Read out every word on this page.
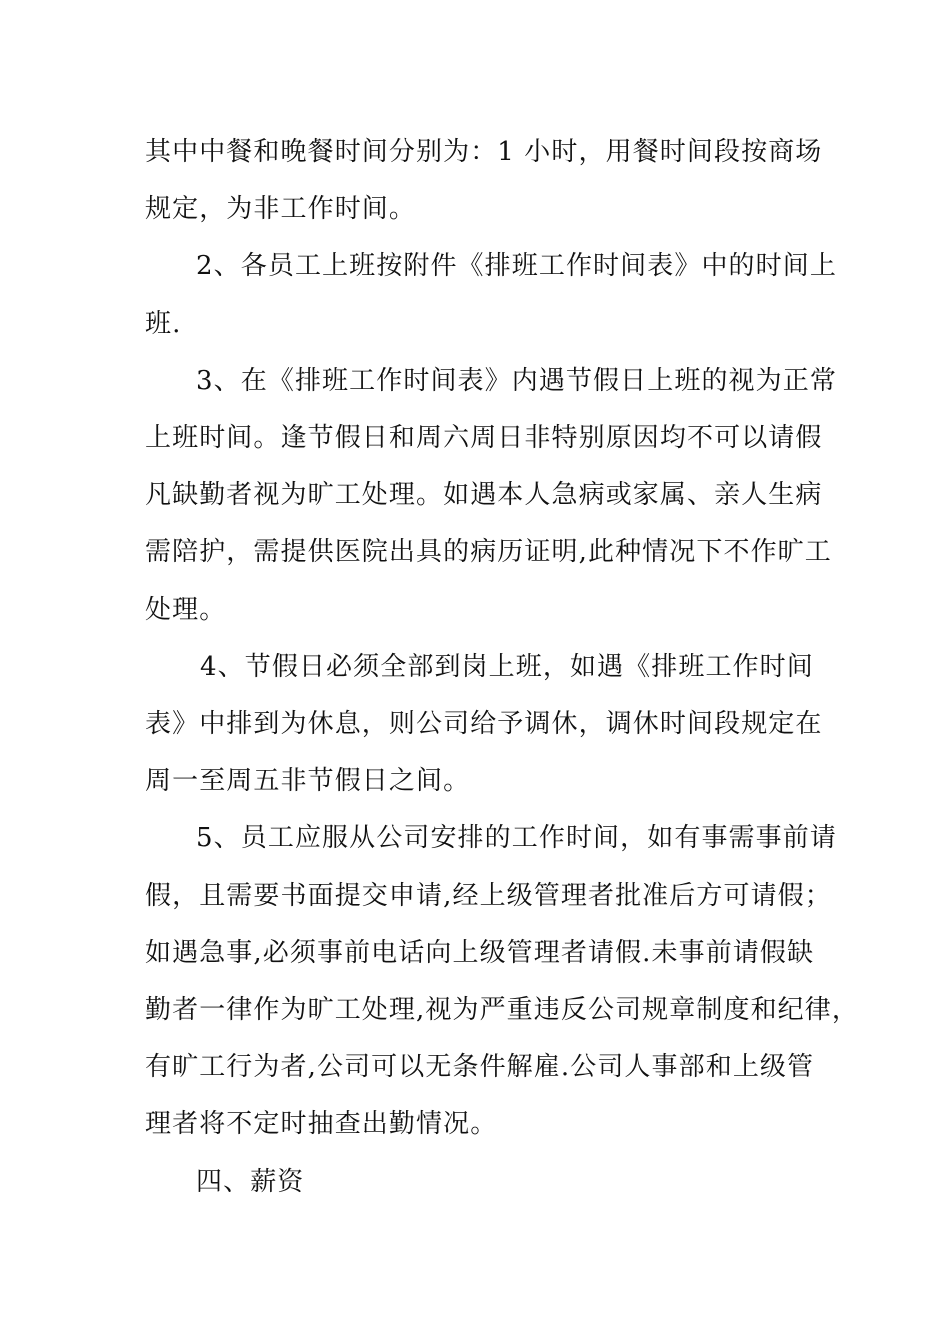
其中中餐和晚餐时间分别为：1 小时，用餐时间段按商场
规定，为非工作时间。
2、各员工上班按附件《排班工作时间表》中的时间上
班.
3、在《排班工作时间表》内遇节假日上班的视为正常
上班时间。逢节假日和周六周日非特别原因均不可以请假
凡缺勤者视为旷工处理。如遇本人急病或家属、亲人生病
需陪护，需提供医院出具的病历证明,此种情况下不作旷工
处理。
4、节假日必须全部到岗上班，如遇《排班工作时间
表》中排到为休息，则公司给予调休，调休时间段规定在
周一至周五非节假日之间。
5、员工应服从公司安排的工作时间，如有事需事前请
假，且需要书面提交申请,经上级管理者批准后方可请假；
如遇急事,必须事前电话向上级管理者请假.未事前请假缺
勤者一律作为旷工处理,视为严重违反公司规章制度和纪律，
有旷工行为者,公司可以无条件解雇.公司人事部和上级管
理者将不定时抽查出勤情况。
四、薪资
